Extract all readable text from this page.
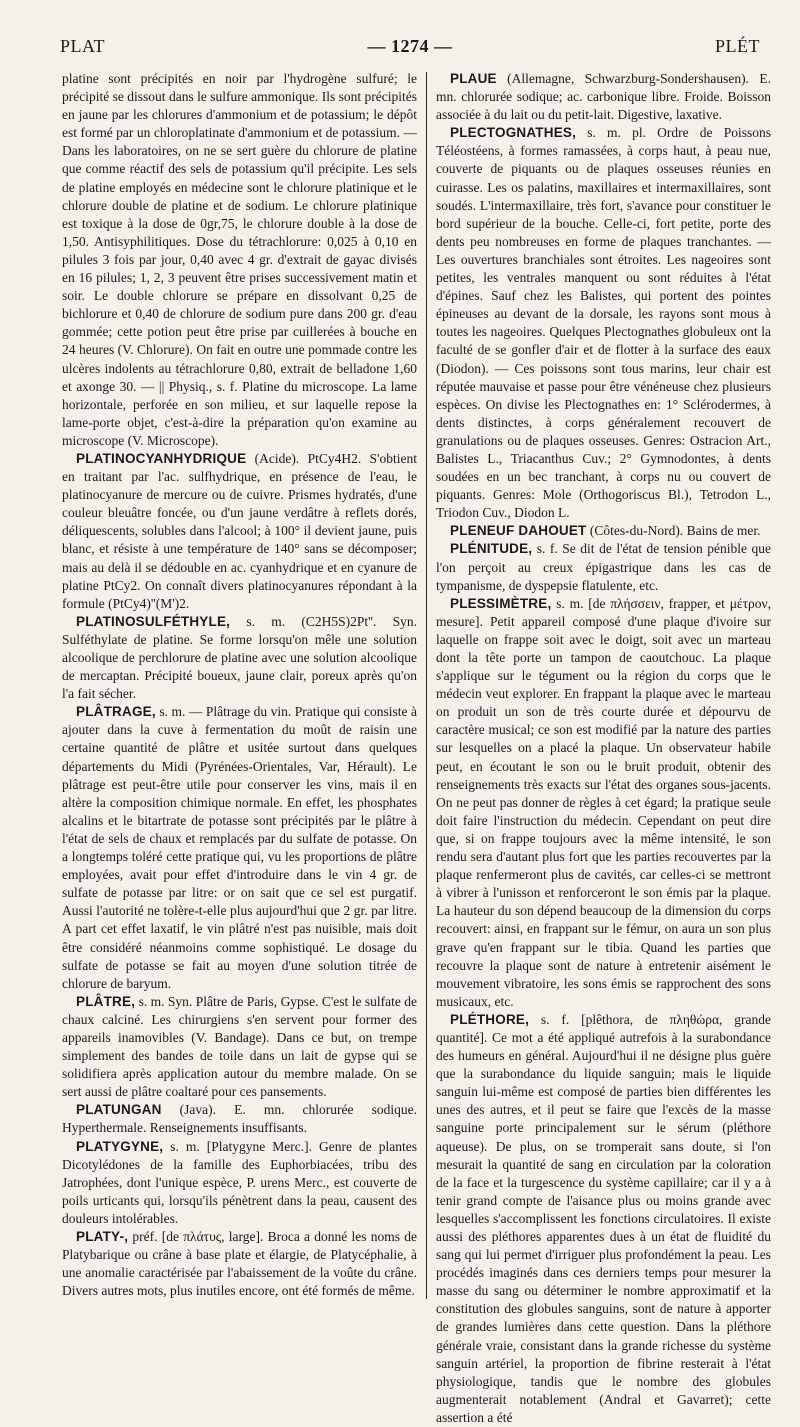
PLAT	— 1274 —	PLÉT

platine sont précipités en noir par l'hydrogène sulfuré; le précipité se dissout dans le sulfure ammonique. Ils sont précipités en jaune par les chlorures d'ammonium et de potassium; le dépôt est formé par un chloroplatinate d'ammonium et de potassium. — Dans les laboratoires, on ne se sert guère du chlorure de platine que comme réactif des sels de potassium qu'il précipite. Les sels de platine employés en médecine sont le chlorure platinique et le chlorure double de platine et de sodium. Le chlorure platinique est toxique à la dose de 0gr,75, le chlorure double à la dose de 1,50. Antisyphilitiques. Dose du tétrachlorure: 0,025 à 0,10 en pilules 3 fois par jour, 0,40 avec 4 gr. d'extrait de gayac divisés en 16 pilules; 1, 2, 3 peuvent être prises successivement matin et soir. Le double chlorure se prépare en dissolvant 0,25 de bichlorure et 0,40 de chlorure de sodium pure dans 200 gr. d'eau gommée; cette potion peut être prise par cuillerées à bouche en 24 heures (V. Chlorure). On fait en outre une pommade contre les ulcères indolents au tétrachlorure 0,80, extrait de belladone 1,60 et axonge 30. — || Physiq., s. f. Platine du microscope. La lame horizontale, perforée en son milieu, et sur laquelle repose la lame-porte objet, c'est-à-dire la préparation qu'on examine au microscope (V. Microscope).

PLATINOCYANHYDRIQUE (Acide). PtCy4H2. S'obtient en traitant par l'ac. sulfhydrique, en présence de l'eau, le platinocyanure de mercure ou de cuivre. Prismes hydratés, d'une couleur bleuâtre foncée, ou d'un jaune verdâtre à reflets dorés, déliquescents, solubles dans l'alcool; à 100° il devient jaune, puis blanc, et résiste à une température de 140° sans se décomposer; mais au delà il se dédouble en ac. cyanhydrique et en cyanure de platine PtCy2. On connaît divers platinocyanures répondant à la formule (PtCy4)''(M')2.

PLATINOSULFÉTHYLE, s. m. (C2H5S)2Pt''. Syn. Sulféthylate de platine. Se forme lorsqu'on mêle une solution alcoolique de perchlorure de platine avec une solution alcoolique de mercaptan. Précipité boueux, jaune clair, poreux après qu'on l'a fait sécher.

PLÂTRAGE, s. m. — Plâtrage du vin. Pratique qui consiste à ajouter dans la cuve à fermentation du moût de raisin une certaine quantité de plâtre et usitée surtout dans quelques départements du Midi (Pyrénées-Orientales, Var, Hérault). Le plâtrage est peut-être utile pour conserver les vins, mais il en altère la composition chimique normale. En effet, les phosphates alcalins et le bitartrate de potasse sont précipités par le plâtre à l'état de sels de chaux et remplacés par du sulfate de potasse. On a longtemps toléré cette pratique qui, vu les proportions de plâtre employées, avait pour effet d'introduire dans le vin 4 gr. de sulfate de potasse par litre: or on sait que ce sel est purgatif. Aussi l'autorité ne tolère-t-elle plus aujourd'hui que 2 gr. par litre. A part cet effet laxatif, le vin plâtré n'est pas nuisible, mais doit être considéré néanmoins comme sophistiqué. Le dosage du sulfate de potasse se fait au moyen d'une solution titrée de chlorure de baryum.

PLÂTRE, s. m. Syn. Plâtre de Paris, Gypse. C'est le sulfate de chaux calciné. Les chirurgiens s'en servent pour former des appareils inamovibles (V. Bandage). Dans ce but, on trempe simplement des bandes de toile dans un lait de gypse qui se solidifiera après application autour du membre malade. On se sert aussi de plâtre coaltaré pour ces pansements.

PLATUNGAN (Java). E. mn. chlorurée sodique. Hyperthermale. Renseignements insuffisants.

PLATYGYNE, s. m. [Platygyne Merc.]. Genre de plantes Dicotylédones de la famille des Euphorbiacées, tribu des Jatrophées, dont l'unique espèce, P. urens Merc., est couverte de poils urticants qui, lorsqu'ils pénètrent dans la peau, causent des douleurs intolérables.

PLATY-, préf. [de πλάτυς, large]. Broca a donné les noms de Platybarique ou crâne à base plate et élargie, de Platycéphalie, à une anomalie caractérisée par l'abaissement de la voûte du crâne. Divers autres mots, plus inutiles encore, ont été formés de même.

PLAUE (Allemagne, Schwarzburg-Sondershausen). E. mn. chlorurée sodique; ac. carbonique libre. Froide. Boisson associée à du lait ou du petit-lait. Digestive, laxative.

PLECTOGNATHES, s. m. pl. Ordre de Poissons Téléostéens, à formes ramassées, à corps haut, à peau nue, couverte de piquants ou de plaques osseuses réunies en cuirasse. Les os palatins, maxillaires et intermaxillaires, sont soudés. L'intermaxillaire, très fort, s'avance pour constituer le bord supérieur de la bouche. Celle-ci, fort petite, porte des dents peu nombreuses en forme de plaques tranchantes. — Les ouvertures branchiales sont étroites. Les nageoires sont petites, les ventrales manquent ou sont réduites à l'état d'épines. Sauf chez les Balistes, qui portent des pointes épineuses au devant de la dorsale, les rayons sont mous à toutes les nageoires. Quelques Plectognathes globuleux ont la faculté de se gonfler d'air et de flotter à la surface des eaux (Diodon). — Ces poissons sont tous marins, leur chair est réputée mauvaise et passe pour être vénéneuse chez plusieurs espèces. On divise les Plectognathes en: 1° Sclérodermes, à dents distinctes, à corps généralement recouvert de granulations ou de plaques osseuses. Genres: Ostracion Art., Balistes L., Triacanthus Cuv.; 2° Gymnodontes, à dents soudées en un bec tranchant, à corps nu ou couvert de piquants. Genres: Mole (Orthogoriscus Bl.), Tetrodon L., Triodon Cuv., Diodon L.

PLENEUF DAHOUET (Côtes-du-Nord). Bains de mer.

PLÉNITUDE, s. f. Se dit de l'état de tension pénible que l'on perçoit au creux épigastrique dans les cas de tympanisme, de dyspepsie flatulente, etc.

PLESSIMÈTRE, s. m. [de πλήσσειν, frapper, et μέτρον, mesure]. Petit appareil composé d'une plaque d'ivoire sur laquelle on frappe soit avec le doigt, soit avec un marteau dont la tête porte un tampon de caoutchouc. La plaque s'applique sur le tégument ou la région du corps que le médecin veut explorer. En frappant la plaque avec le marteau on produit un son de très courte durée et dépourvu de caractère musical; ce son est modifié par la nature des parties sur lesquelles on a placé la plaque. Un observateur habile peut, en écoutant le son ou le bruit produit, obtenir des renseignements très exacts sur l'état des organes sous-jacents. On ne peut pas donner de règles à cet égard; la pratique seule doit faire l'instruction du médecin. Cependant on peut dire que, si on frappe toujours avec la même intensité, le son rendu sera d'autant plus fort que les parties recouvertes par la plaque renfermeront plus de cavités, car celles-ci se mettront à vibrer à l'unisson et renforceront le son émis par la plaque. La hauteur du son dépend beaucoup de la dimension du corps recouvert: ainsi, en frappant sur le fémur, on aura un son plus grave qu'en frappant sur le tibia. Quand les parties que recouvre la plaque sont de nature à entretenir aisément le mouvement vibratoire, les sons émis se rapprochent des sons musicaux, etc.

PLÉTHORE, s. f. [plêthora, de πληθώρα, grande quantité]. Ce mot a été appliqué autrefois à la surabondance des humeurs en général. Aujourd'hui il ne désigne plus guère que la surabondance du liquide sanguin; mais le liquide sanguin lui-même est composé de parties bien différentes les unes des autres, et il peut se faire que l'excès de la masse sanguine porte principalement sur le sérum (pléthore aqueuse). De plus, on se tromperait sans doute, si l'on mesurait la quantité de sang en circulation par la coloration de la face et la turgescence du système capillaire; car il y a à tenir grand compte de l'aisance plus ou moins grande avec lesquelles s'accomplissent les fonctions circulatoires. Il existe aussi des pléthores apparentes dues à un état de fluidité du sang qui lui permet d'irriguer plus profondément la peau. Les procédés imaginés dans ces derniers temps pour mesurer la masse du sang ou déterminer le nombre approximatif et la constitution des globules sanguins, sont de nature à apporter de grandes lumières dans cette question. Dans la pléthore générale vraie, consistant dans la grande richesse du système sanguin artériel, la proportion de fibrine resterait à l'état physiologique, tandis que le nombre des globules augmenterait notablement (Andral et Gavarret); cette assertion a été
